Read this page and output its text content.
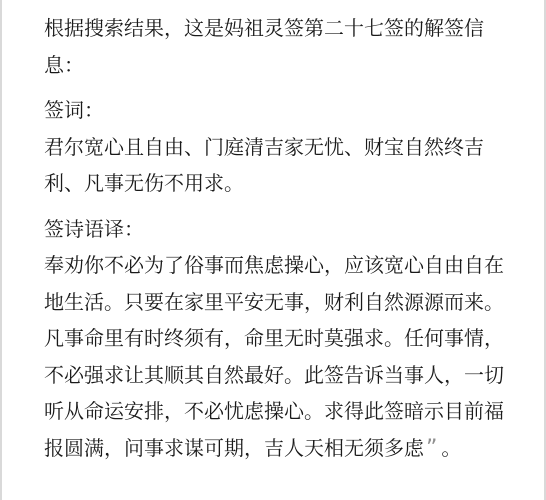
根据搜索结果，这是妈祖灵签第二十七签的解签信息：

签词：

君尔宽心且自由、门庭清吉家无忧、财宝自然终吉利、凡事无伤不用求。

签诗语译：

奉劝你不必为了俗事而焦虑操心，应该宽心自由自在地生活。只要在家里平安无事，财利自然源源而来。凡事命里有时终须有，命里无时莫强求。任何事情，不必强求让其顺其自然最好。此签告诉当事人，一切听从命运安排，不必忧虑操心。求得此签暗示目前福报圆满，问事求谋可期，吉人天相无须多虑” 。
